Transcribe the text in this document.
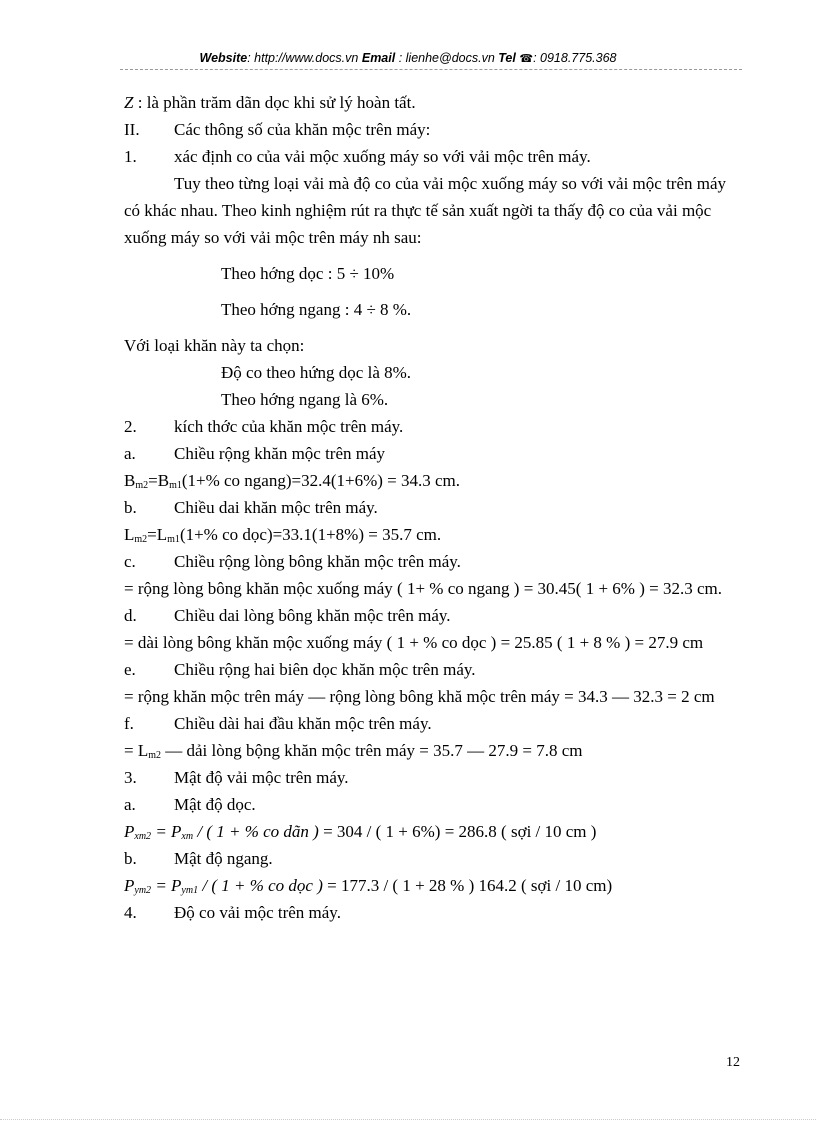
Website: http://www.docs.vn Email : lienhe@docs.vn Tel ☎: 0918.775.368

Z : là phần trăm dãn dọc khi sử lý hoàn tất.

II. Các thông số của khăn mộc trên máy:

1. xác định co của vải mộc xuống máy so với vải mộc trên máy.

Tuy theo từng loại vải mà độ co của vải mộc xuống máy so với vải mộc trên máy có khác nhau. Theo kinh nghiệm rút ra thực tế sản xuất ngời ta thấy độ co của vải mộc xuống máy so với vải mộc trên máy nh sau:

Theo hớng dọc : 5 ÷ 10%

Theo hớng ngang : 4 ÷ 8 %.

Với loại khăn này ta chọn:

Độ co theo hứng dọc là 8%.

Theo hớng ngang là 6%.

2. kích thớc của khăn mộc trên máy.

a. Chiều rộng khăn mộc trên máy

$B_{m2}=B_{m1}(1+\%$ co ngang)=32.4(1+6%) = 34.3 cm.

b. Chiều dai khăn mộc trên máy.

$L_{m2}=L_{m1}(1+\%$ co dọc)=33.1(1+8%) = 35.7 cm.

c. Chiều rộng lòng bông khăn mộc trên máy.

= rộng lòng bông khăn mộc xuống máy ( 1+ % co ngang ) = 30.45( 1 + 6% ) = 32.3 cm.

d. Chiều dai lòng bông khăn mộc trên máy.

= dài lòng bông khăn mộc xuống máy ( 1 + % co dọc ) = 25.85 ( 1 + 8 % ) = 27.9 cm

e. Chiều rộng hai biên dọc khăn mộc trên máy.

= rộng khăn mộc trên máy — rộng lòng bông khă mộc trên máy = 34.3 — 32.3 = 2 cm

f. Chiều dài hai đầu khăn mộc trên máy.

= $L_{m2}$ — dải lòng bộng khăn mộc trên máy = 35.7 — 27.9 = 7.8 cm

3. Mật độ vải mộc trên máy.

a. Mật độ dọc.

$P_{xm2} = P_{xm}$ / ( 1 + % co dãn ) = 304 / ( 1 + 6%) = 286.8 ( sợi / 10 cm )

b. Mật độ ngang.

$P_{ym2} = P_{ym1}$ / ( 1 + % co dọc ) = 177.3 / ( 1 + 28 % ) 164.2 ( sợi / 10 cm)

4. Độ co vải mộc trên máy.

12
